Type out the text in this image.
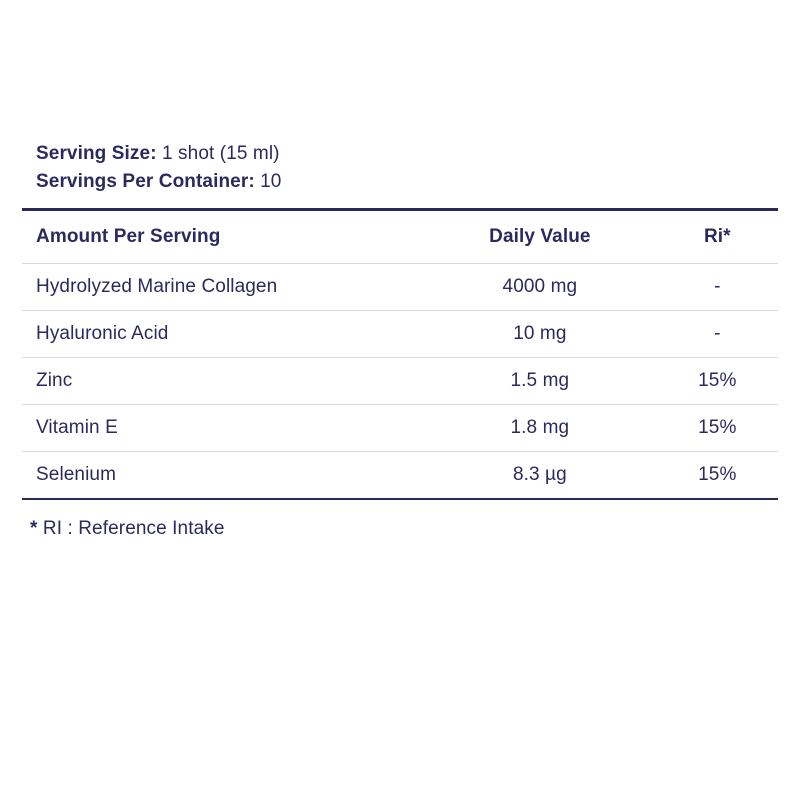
Serving Size: 1 shot (15 ml)
Servings Per Container: 10
Amount Per Serving	Daily Value	Ri*
Hydrolyzed Marine Collagen	4000 mg	-
Hyaluronic Acid	10 mg	-
Zinc	1.5 mg	15%
Vitamin E	1.8 mg	15%
Selenium	8.3 µg	15%
* RI : Reference Intake
